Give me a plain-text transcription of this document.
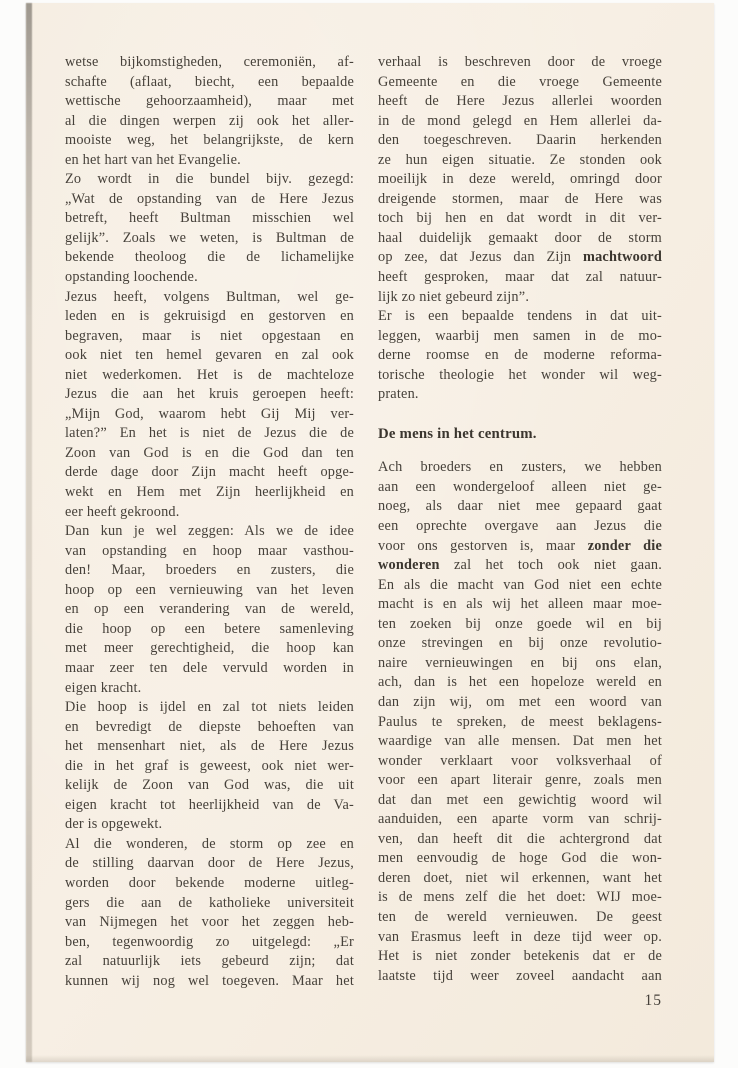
wetse bijkomstigheden, ceremoniën, af-
schafte (aflaat, biecht, een bepaalde
wettische gehoorzaamheid), maar met
al die dingen werpen zij ook het aller-
mooiste weg, het belangrijkste, de kern
en het hart van het Evangelie.
Zo wordt in die bundel bijv. gezegd:
„Wat de opstanding van de Here Jezus
betreft, heeft Bultman misschien wel
gelijk”. Zoals we weten, is Bultman de
bekende theoloog die de lichamelijke
opstanding loochende.
Jezus heeft, volgens Bultman, wel ge-
leden en is gekruisigd en gestorven en
begraven, maar is niet opgestaan en
ook niet ten hemel gevaren en zal ook
niet wederkomen. Het is de machteloze
Jezus die aan het kruis geroepen heeft:
„Mijn God, waarom hebt Gij Mij ver-
laten?” En het is niet de Jezus die de
Zoon van God is en die God dan ten
derde dage door Zijn macht heeft opge-
wekt en Hem met Zijn heerlijkheid en
eer heeft gekroond.
Dan kun je wel zeggen: Als we de idee
van opstanding en hoop maar vasthou-
den! Maar, broeders en zusters, die
hoop op een vernieuwing van het leven
en op een verandering van de wereld,
die hoop op een betere samenleving
met meer gerechtigheid, die hoop kan
maar zeer ten dele vervuld worden in
eigen kracht.
Die hoop is ijdel en zal tot niets leiden
en bevredigt de diepste behoeften van
het mensenhart niet, als de Here Jezus
die in het graf is geweest, ook niet wer-
kelijk de Zoon van God was, die uit
eigen kracht tot heerlijkheid van de Va-
der is opgewekt.
Al die wonderen, de storm op zee en
de stilling daarvan door de Here Jezus,
worden door bekende moderne uitleg-
gers die aan de katholieke universiteit
van Nijmegen het voor het zeggen heb-
ben, tegenwoordig zo uitgelegd: „Er
zal natuurlijk iets gebeurd zijn; dat
kunnen wij nog wel toegeven. Maar het
verhaal is beschreven door de vroege
Gemeente en die vroege Gemeente
heeft de Here Jezus allerlei woorden
in de mond gelegd en Hem allerlei da-
den toegeschreven. Daarin herkenden
ze hun eigen situatie. Ze stonden ook
moeilijk in deze wereld, omringd door
dreigende stormen, maar de Here was
toch bij hen en dat wordt in dit ver-
haal duidelijk gemaakt door de storm
op zee, dat Jezus dan Zijn machtwoord
heeft gesproken, maar dat zal natuur-
lijk zo niet gebeurd zijn”.
Er is een bepaalde tendens in dat uit-
leggen, waarbij men samen in de mo-
derne roomse en de moderne reforma-
torische theologie het wonder wil weg-
praten.
De mens in het centrum.
Ach broeders en zusters, we hebben
aan een wondergeloof alleen niet ge-
noeg, als daar niet mee gepaard gaat
een oprechte overgave aan Jezus die
voor ons gestorven is, maar zonder die
wonderen zal het toch ook niet gaan.
En als die macht van God niet een echte
macht is en als wij het alleen maar moe-
ten zoeken bij onze goede wil en bij
onze strevingen en bij onze revolutio-
naire vernieuwingen en bij ons elan,
ach, dan is het een hopeloze wereld en
dan zijn wij, om met een woord van
Paulus te spreken, de meest beklagens-
waardige van alle mensen. Dat men het
wonder verklaart voor volksverhaal of
voor een apart literair genre, zoals men
dat dan met een gewichtig woord wil
aanduiden, een aparte vorm van schrij-
ven, dan heeft dit die achtergrond dat
men eenvoudig de hoge God die won-
deren doet, niet wil erkennen, want het
is de mens zelf die het doet: WIJ moe-
ten de wereld vernieuwen. De geest
van Erasmus leeft in deze tijd weer op.
Het is niet zonder betekenis dat er de
laatste tijd weer zoveel aandacht aan
15
